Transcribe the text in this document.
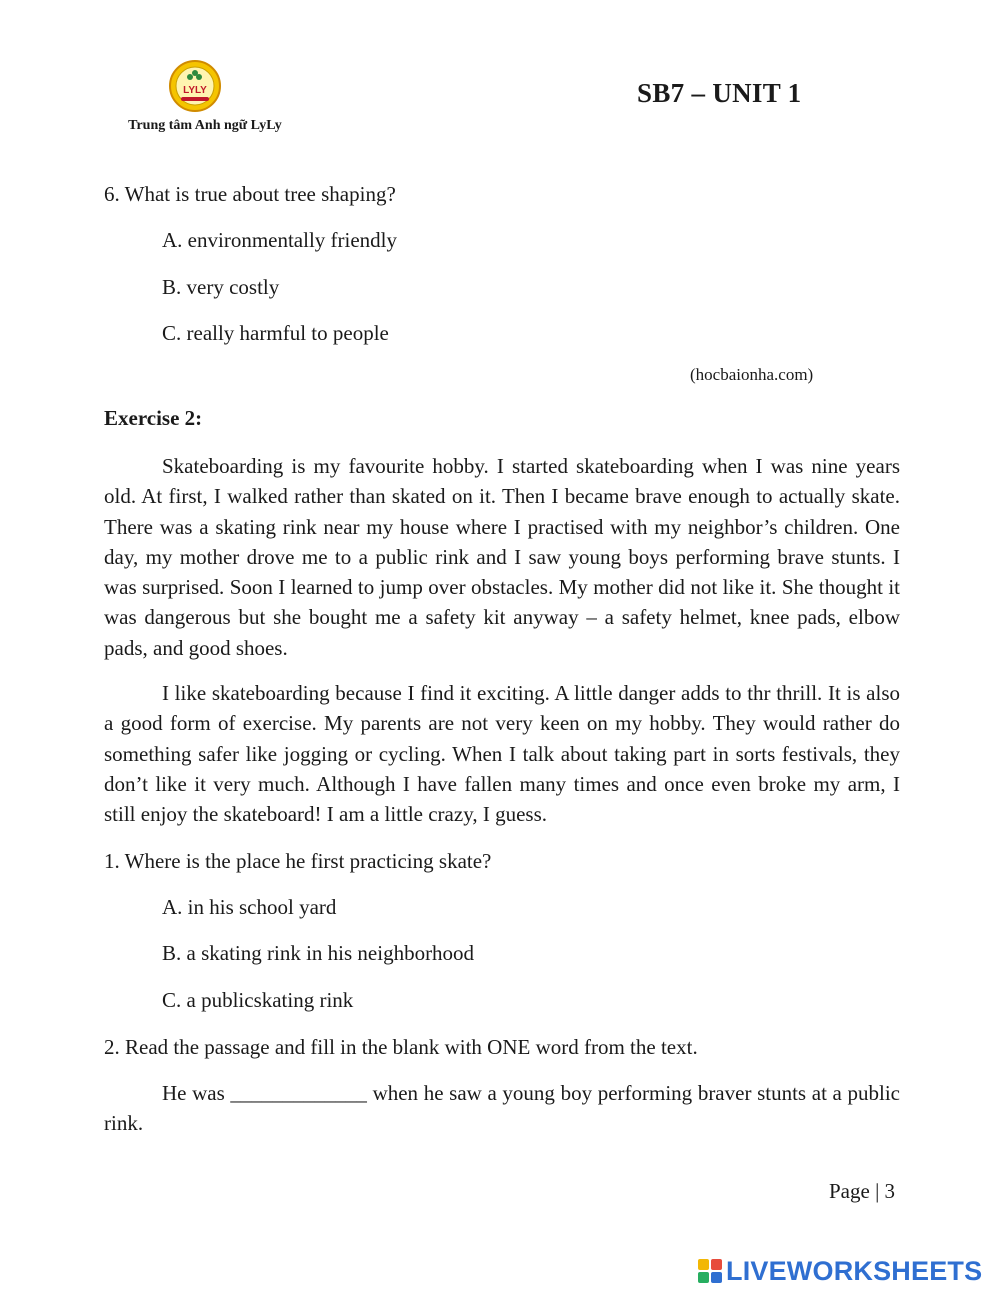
LYLY
Trung tâm Anh ngữ LyLy
SB7 – UNIT 1
6. What is true about tree shaping?
A. environmentally friendly
B. very costly
C. really harmful to people
(hocbaionha.com)
Exercise 2:
Skateboarding is my favourite hobby. I started skateboarding when I was nine years old. At first, I walked rather than skated on it. Then I became brave enough to actually skate. There was a skating rink near my house where I practised with my neighbor’s children. One day, my mother drove me to a public rink and I saw young boys performing brave stunts. I was surprised. Soon I learned to jump over obstacles. My mother did not like it. She thought it was dangerous but she bought me a safety kit anyway – a safety helmet, knee pads, elbow pads, and good shoes.
I like skateboarding because I find it exciting. A little danger adds to thr thrill. It is also a good form of exercise. My parents are not very keen on my hobby. They would rather do something safer like jogging or cycling. When I talk about taking part in sorts festivals, they don’t like it very much. Although I have fallen many times and once even broke my arm, I still enjoy the skateboard! I am a little crazy, I guess.
1. Where is the place he first practicing skate?
A. in his school yard
B. a skating rink in his neighborhood
C. a publicskating rink
2. Read the passage and fill in the blank with ONE word from the text.
He was _____________ when he saw a young boy performing braver stunts at a public rink.
Page | 3
LIVEWORKSHEETS
